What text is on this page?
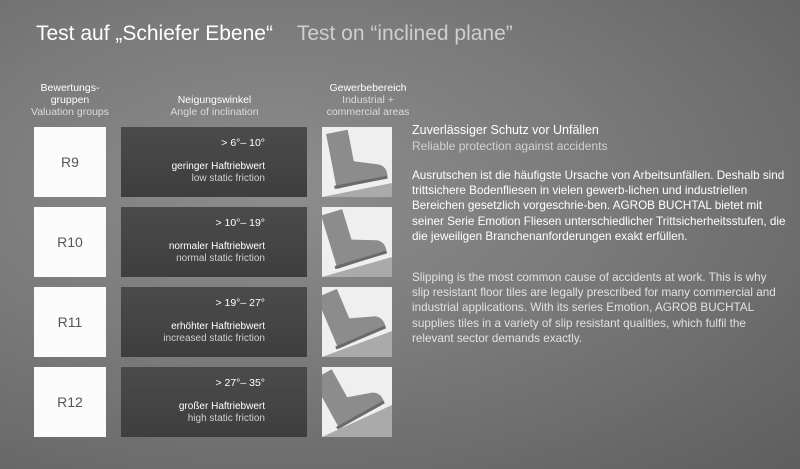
Test auf „Schiefer Ebene“ Test on “inclined plane”
Bewertungs-
gruppen
Valuation groups
Neigungswinkel
Angle of inclination
Gewerbebereich
Industrial +
commercial areas
R9
> 6°– 10°
geringer Haftriebwert
low static friction
R10
> 10°– 19°
normaler Haftriebwert
normal static friction
R11
> 19°– 27°
erhöhter Haftriebwert
increased static friction
R12
> 27°– 35°
großer Haftriebwert
high static friction
Zuverlässiger Schutz vor Unfällen
Reliable protection against accidents
Ausrutschen ist die häufigste Ursache von Arbeitsunfällen. Deshalb sind trittsichere Bodenfliesen in vielen gewerb-lichen und industriellen Bereichen gesetzlich vorgeschrie-ben. AGROB BUCHTAL bietet mit seiner Serie Emotion Fliesen unterschiedlicher Trittsicherheitsstufen, die die jeweiligen Branchenanforderungen exakt erfüllen.
Slipping is the most common cause of accidents at work. This is why slip resistant floor tiles are legally prescribed for many commercial and industrial applications. With its series Emotion, AGROB BUCHTAL supplies tiles in a variety of slip resistant qualities, which fulfil the relevant sector demands exactly.
